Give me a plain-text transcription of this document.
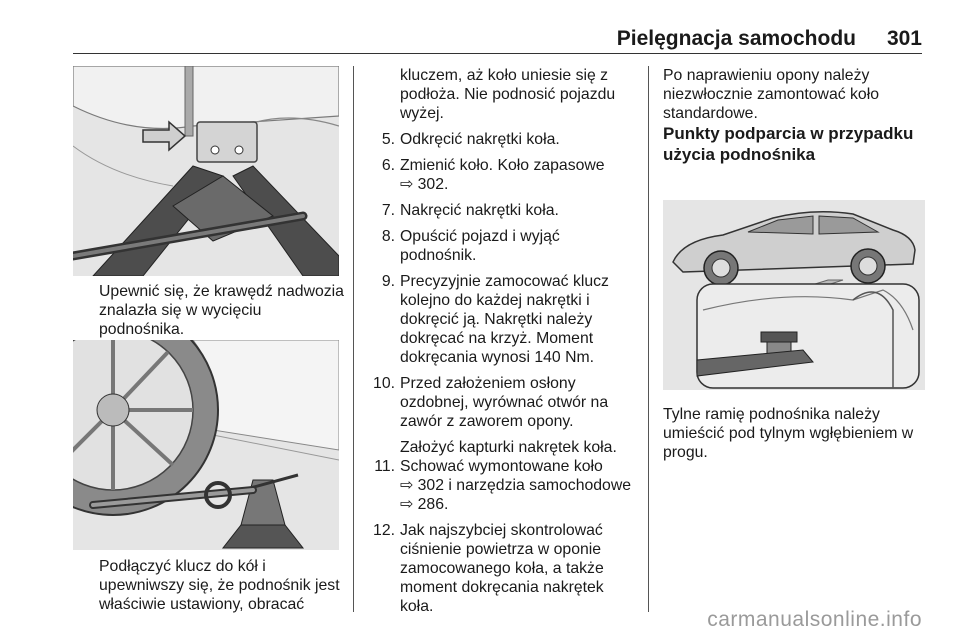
Pielęgnacja samochodu 301
Upewnić się, że krawędź nadwozia znalazła się w wycięciu podnośnika.
Podłączyć klucz do kół i upewniwszy się, że podnośnik jest właściwie ustawiony, obracać

kluczem, aż koło uniesie się z podłoża. Nie podnosić pojazdu wyżej.

5. Odkręcić nakrętki koła.
6. Zmienić koło. Koło zapasowe
⇨ 302.
7. Nakręcić nakrętki koła.
8. Opuścić pojazd i wyjąć podnośnik.
9. Precyzyjnie zamocować klucz kolejno do każdej nakrętki i dokręcić ją. Nakrętki należy dokręcać na krzyż. Moment dokręcania wynosi 140 Nm.
10. Przed założeniem osłony ozdobnej, wyrównać otwór na zawór z zaworem opony.

Założyć kapturki nakrętek koła.

11. Schować wymontowane koło
⇨ 302 i narzędzia samochodowe
⇨ 286.
12. Jak najszybciej skontrolować ciśnienie powietrza w oponie zamocowanego koła, a także moment dokręcania nakrętek koła.

Po naprawieniu opony należy niezwłocznie zamontować koło standardowe.

Punkty podparcia w przypadku użycia podnośnika

Tylne ramię podnośnika należy umieścić pod tylnym wgłębieniem w progu.

carmanualsonline.info
